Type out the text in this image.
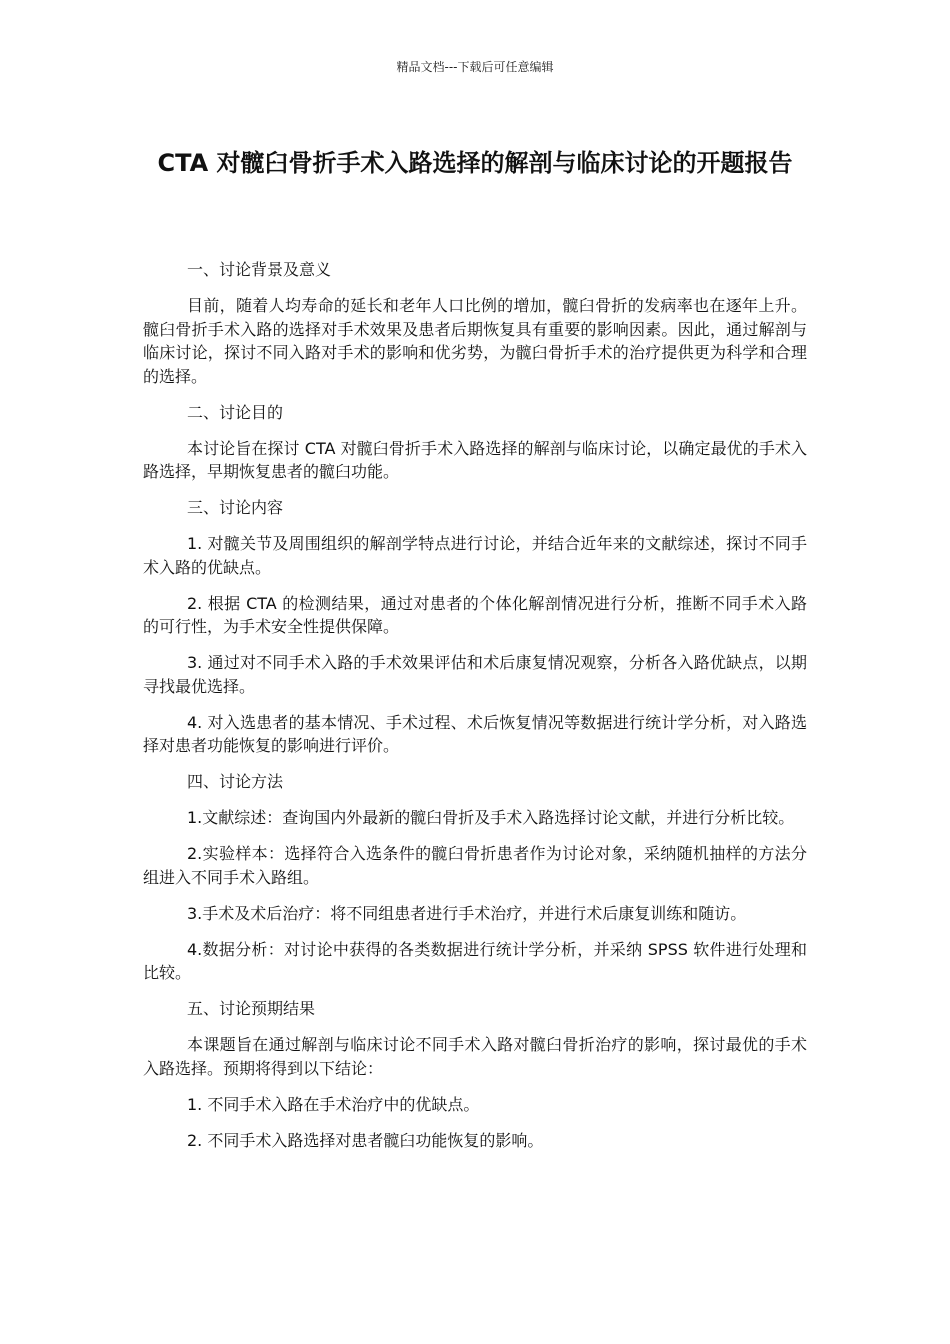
精品文档---下载后可任意编辑
CTA 对髋臼骨折手术入路选择的解剖与临床讨论的开题报告

一、讨论背景及意义

目前，随着人均寿命的延长和老年人口比例的增加，髋臼骨折的发病率也在逐年上升。髋臼骨折手术入路的选择对手术效果及患者后期恢复具有重要的影响因素。因此，通过解剖与临床讨论，探讨不同入路对手术的影响和优劣势，为髋臼骨折手术的治疗提供更为科学和合理的选择。

二、讨论目的

本讨论旨在探讨 CTA 对髋臼骨折手术入路选择的解剖与临床讨论，以确定最优的手术入路选择，早期恢复患者的髋臼功能。

三、讨论内容

1. 对髋关节及周围组织的解剖学特点进行讨论，并结合近年来的文献综述，探讨不同手术入路的优缺点。

2. 根据 CTA 的检测结果，通过对患者的个体化解剖情况进行分析，推断不同手术入路的可行性，为手术安全性提供保障。

3. 通过对不同手术入路的手术效果评估和术后康复情况观察，分析各入路优缺点，以期寻找最优选择。

4. 对入选患者的基本情况、手术过程、术后恢复情况等数据进行统计学分析，对入路选择对患者功能恢复的影响进行评价。

四、讨论方法

1.文献综述：查询国内外最新的髋臼骨折及手术入路选择讨论文献，并进行分析比较。

2.实验样本：选择符合入选条件的髋臼骨折患者作为讨论对象，采纳随机抽样的方法分组进入不同手术入路组。

3.手术及术后治疗：将不同组患者进行手术治疗，并进行术后康复训练和随访。

4.数据分析：对讨论中获得的各类数据进行统计学分析，并采纳 SPSS 软件进行处理和比较。

五、讨论预期结果

本课题旨在通过解剖与临床讨论不同手术入路对髋臼骨折治疗的影响，探讨最优的手术入路选择。预期将得到以下结论：

1. 不同手术入路在手术治疗中的优缺点。

2. 不同手术入路选择对患者髋臼功能恢复的影响。
